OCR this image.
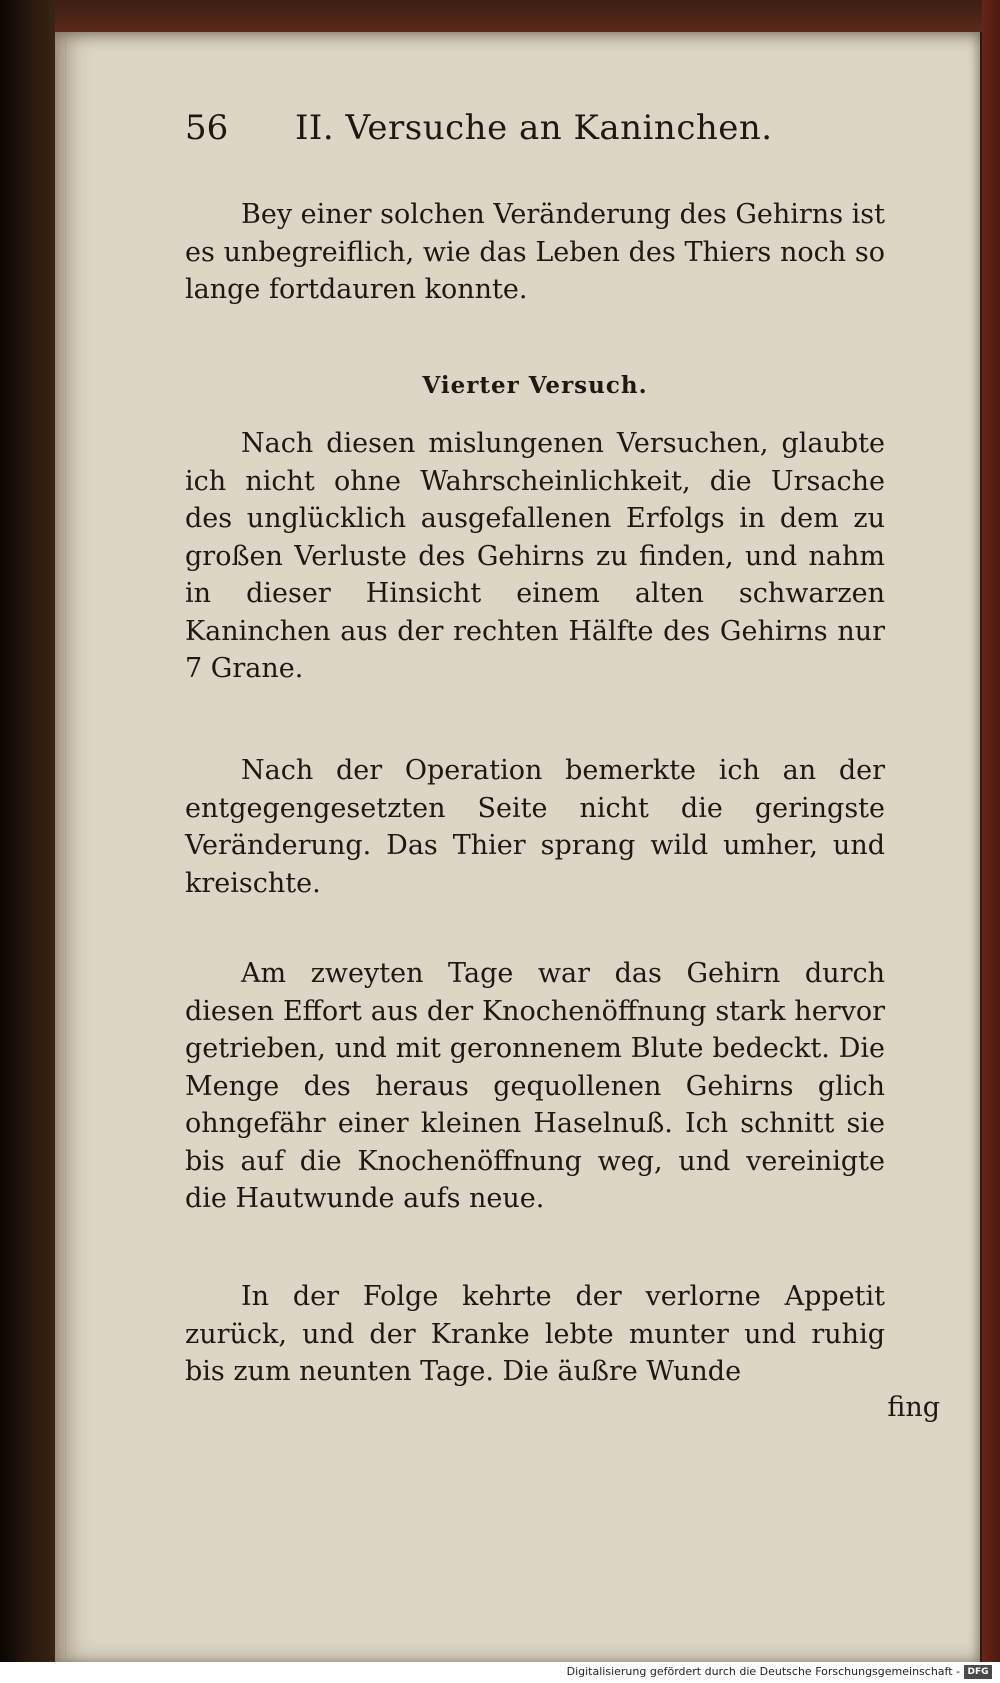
56 II. Versuche an Kaninchen.

Bey einer solchen Veränderung des Gehirns ist es unbegreiflich, wie das Leben des Thiers noch so lange fortdauren konnte.

Vierter Versuch.

Nach diesen mislungenen Versuchen, glaubte ich nicht ohne Wahrscheinlichkeit, die Ursache des unglücklich ausgefallenen Erfolgs in dem zu großen Verluste des Gehirns zu finden, und nahm in dieser Hinsicht einem alten schwarzen Kaninchen aus der rechten Hälfte des Gehirns nur 7 Grane.

Nach der Operation bemerkte ich an der entgegengesetzten Seite nicht die geringste Veränderung. Das Thier sprang wild umher, und kreischte.

Am zweyten Tage war das Gehirn durch diesen Effort aus der Knochenöffnung stark hervor getrieben, und mit geronnenem Blute bedeckt. Die Menge des heraus gequollenen Gehirns glich ohngefähr einer kleinen Haselnuß. Ich schnitt sie bis auf die Knochenöffnung weg, und vereinigte die Hautwunde aufs neue.

In der Folge kehrte der verlorne Appetit zurück, und der Kranke lebte munter und ruhig bis zum neunten Tage. Die äußre Wunde

fing
Digitalisierung gefördert durch die Deutsche Forschungsgemeinschaft - DFG
